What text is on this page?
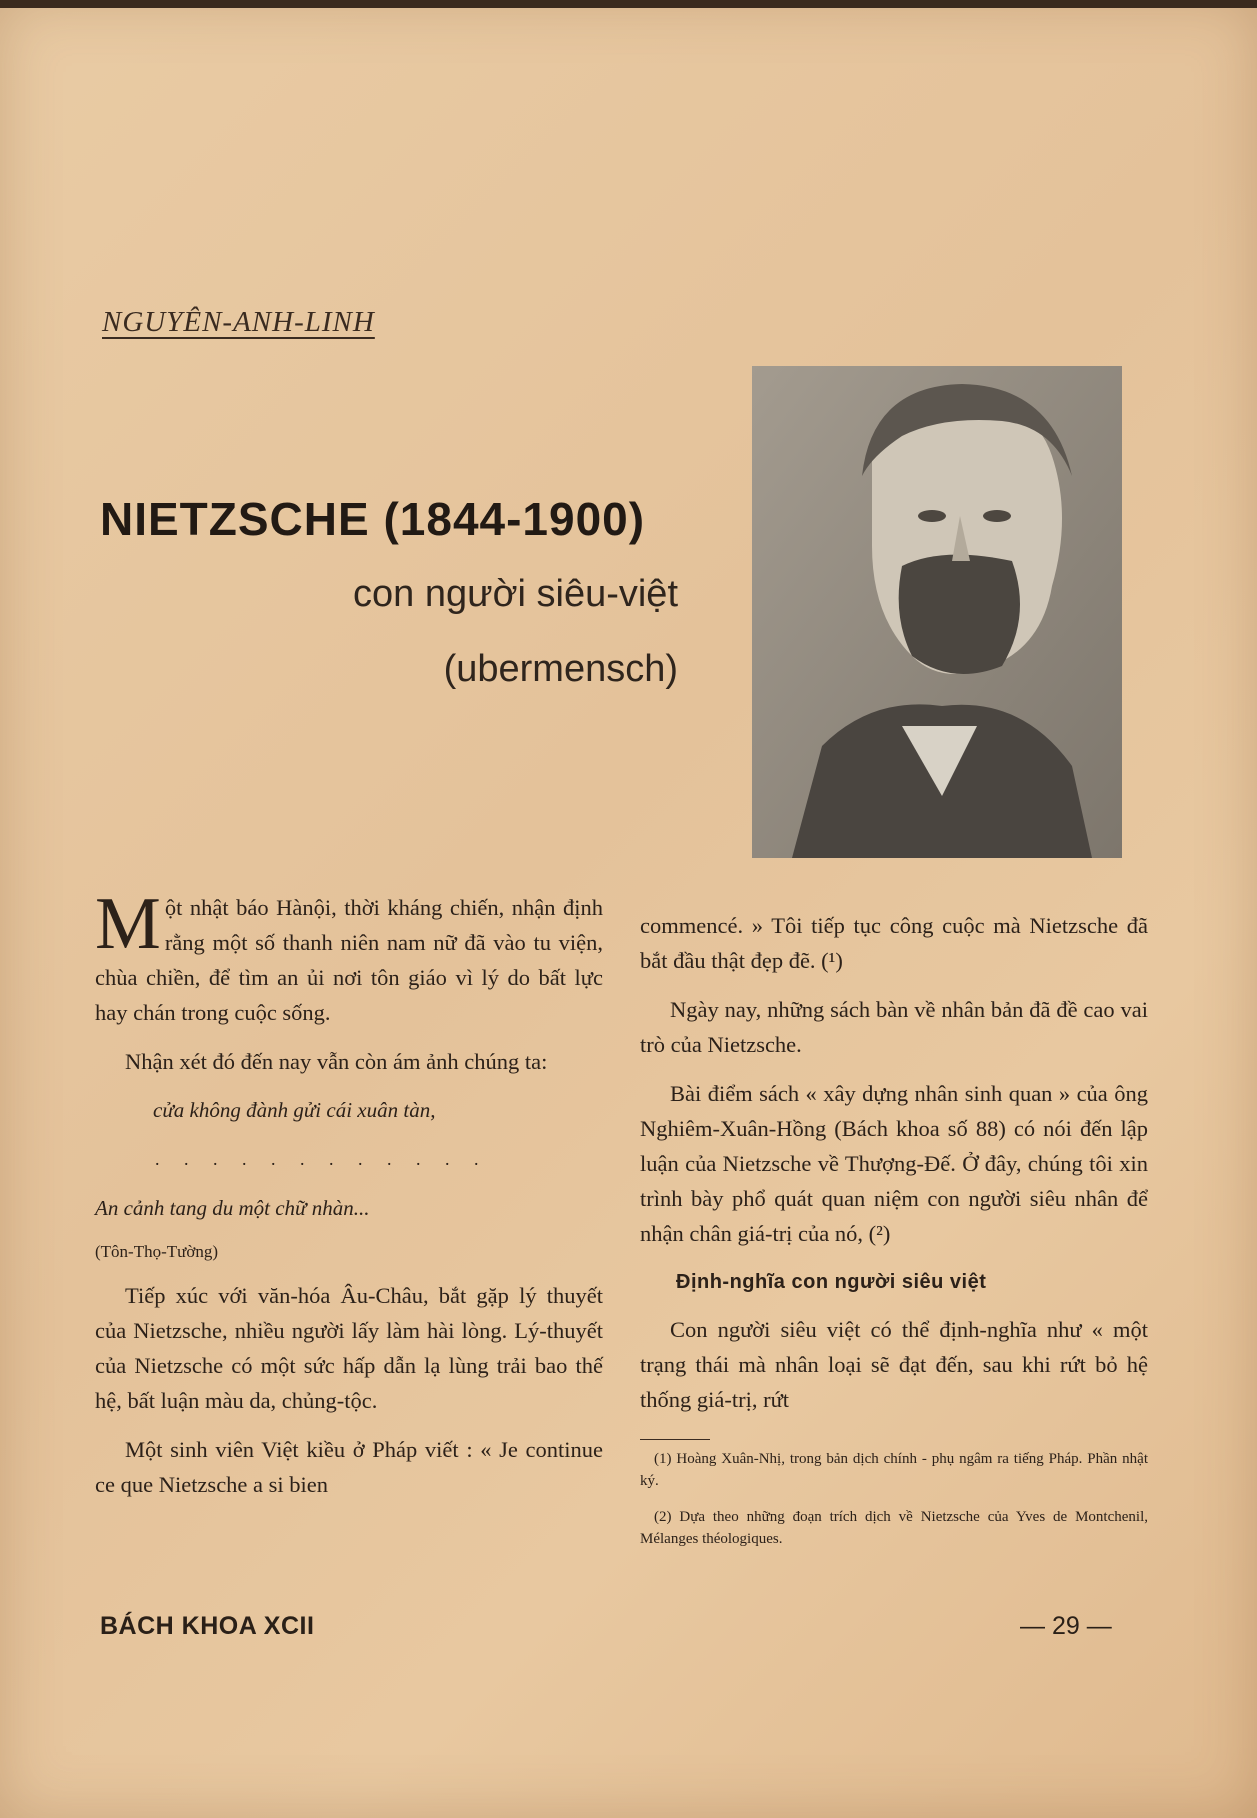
NGUYÊN-ANH-LINH
NIETZSCHE (1844-1900)
con người siêu-việt
(ubermensch)

Một nhật báo Hànội, thời kháng chiến, nhận định rằng một số thanh niên nam nữ đã vào tu viện, chùa chiền, để tìm an ủi nơi tôn giáo vì lý do bất lực hay chán trong cuộc sống.

Nhận xét đó đến nay vẫn còn ám ảnh chúng ta:

cửa không đành gửi cái xuân tàn,

. . . . . . . . . . . .

An cảnh tang du một chữ nhàn...

(Tôn-Thọ-Tường)

Tiếp xúc với văn-hóa Âu-Châu, bắt gặp lý thuyết của Nietzsche, nhiều người lấy làm hài lòng. Lý-thuyết của Nietzsche có một sức hấp dẫn lạ lùng trải bao thế hệ, bất luận màu da, chủng-tộc.

Một sinh viên Việt kiều ở Pháp viết : « Je continue ce que Nietzsche a si bien

commencé. » Tôi tiếp tục công cuộc mà Nietzsche đã bắt đầu thật đẹp đẽ. (¹)

Ngày nay, những sách bàn về nhân bản đã đề cao vai trò của Nietzsche.

Bài điểm sách « xây dựng nhân sinh quan » của ông Nghiêm-Xuân-Hồng (Bách khoa số 88) có nói đến lập luận của Nietzsche về Thượng-Đế. Ở đây, chúng tôi xin trình bày phổ quát quan niệm con người siêu nhân để nhận chân giá-trị của nó, (²)

Định-nghĩa con người siêu việt

Con người siêu việt có thể định-nghĩa như « một trạng thái mà nhân loại sẽ đạt đến, sau khi rứt bỏ hệ thống giá-trị, rứt

(1) Hoàng Xuân-Nhị, trong bản dịch chính - phụ ngâm ra tiếng Pháp. Phần nhật ký.

(2) Dựa theo những đoạn trích dịch về Nietzsche của Yves de Montchenil, Mélanges théologiques.

BÁCH KHOA XCII	— 29 —
